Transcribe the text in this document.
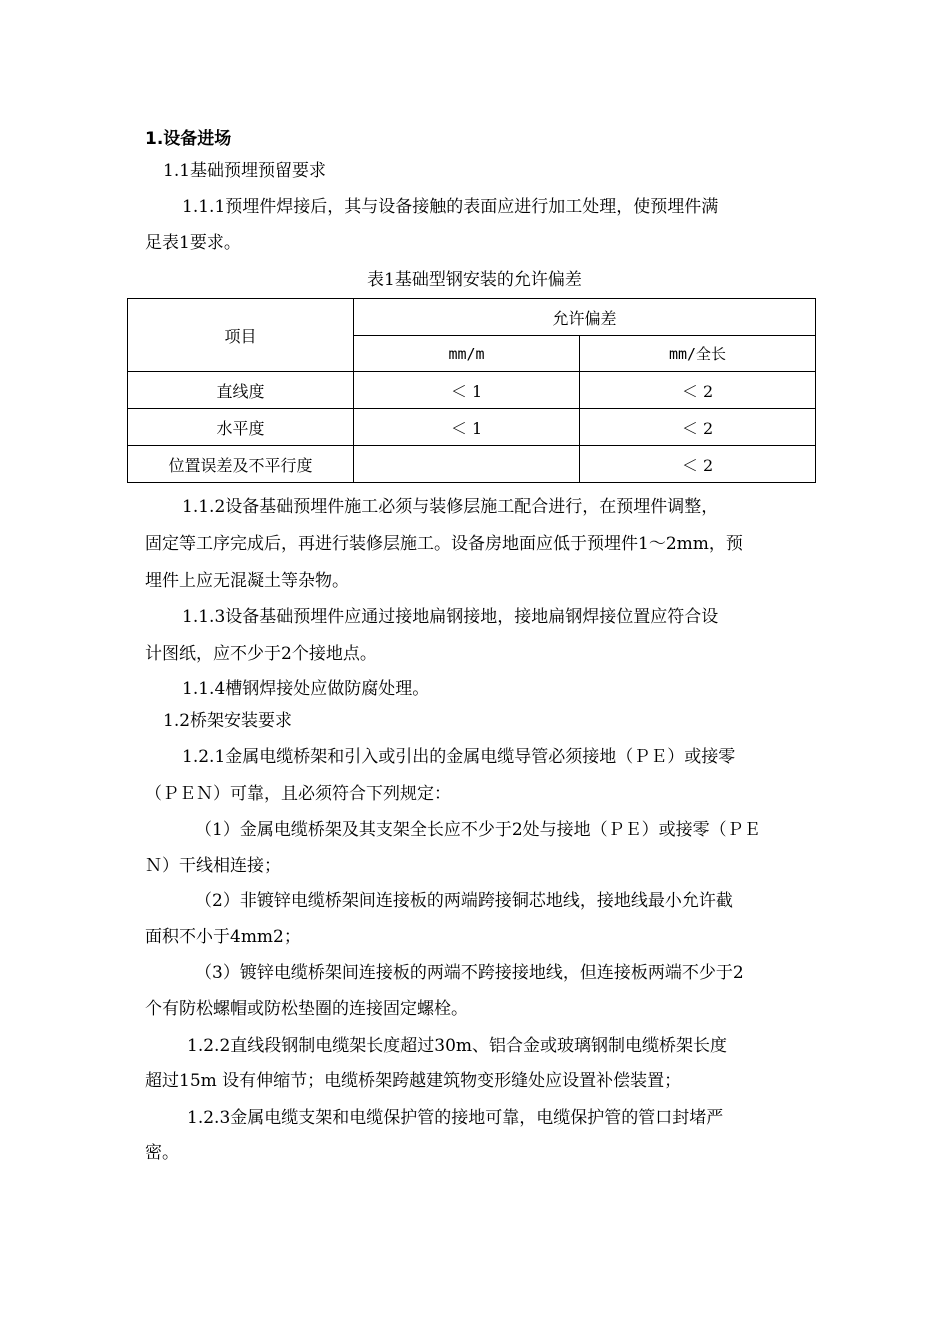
1.设备进场
1.1基础预埋预留要求
1.1.1预埋件焊接后，其与设备接触的表面应进行加工处理，使预埋件满
足表1要求。
表1基础型钢安装的允许偏差
项目	允许偏差	
	mm/m	mm/全长
直线度	＜ 1	＜ 2
水平度	＜ 1	＜ 2
位置误差及不平行度		＜ 2
1.1.2设备基础预埋件施工必须与装修层施工配合进行，在预埋件调整，
固定等工序完成后，再进行装修层施工。设备房地面应低于预埋件1～2mm，预
埋件上应无混凝土等杂物。
1.1.3设备基础预埋件应通过接地扁钢接地，接地扁钢焊接位置应符合设
计图纸，应不少于2个接地点。
1.1.4槽钢焊接处应做防腐处理。
1.2桥架安装要求
1.2.1金属电缆桥架和引入或引出的金属电缆导管必须接地（ＰＥ）或接零
（ＰＥＮ）可靠，且必须符合下列规定：
（1）金属电缆桥架及其支架全长应不少于2处与接地（ＰＥ）或接零（ＰＥ
Ｎ）干线相连接；
（2）非镀锌电缆桥架间连接板的两端跨接铜芯地线，接地线最小允许截
面积不小于4mm2；
（3）镀锌电缆桥架间连接板的两端不跨接接地线，但连接板两端不少于2
个有防松螺帽或防松垫圈的连接固定螺栓。
1.2.2直线段钢制电缆架长度超过30m、铝合金或玻璃钢制电缆桥架长度
超过15m 设有伸缩节；电缆桥架跨越建筑物变形缝处应设置补偿装置；
1.2.3金属电缆支架和电缆保护管的接地可靠，电缆保护管的管口封堵严
密。
